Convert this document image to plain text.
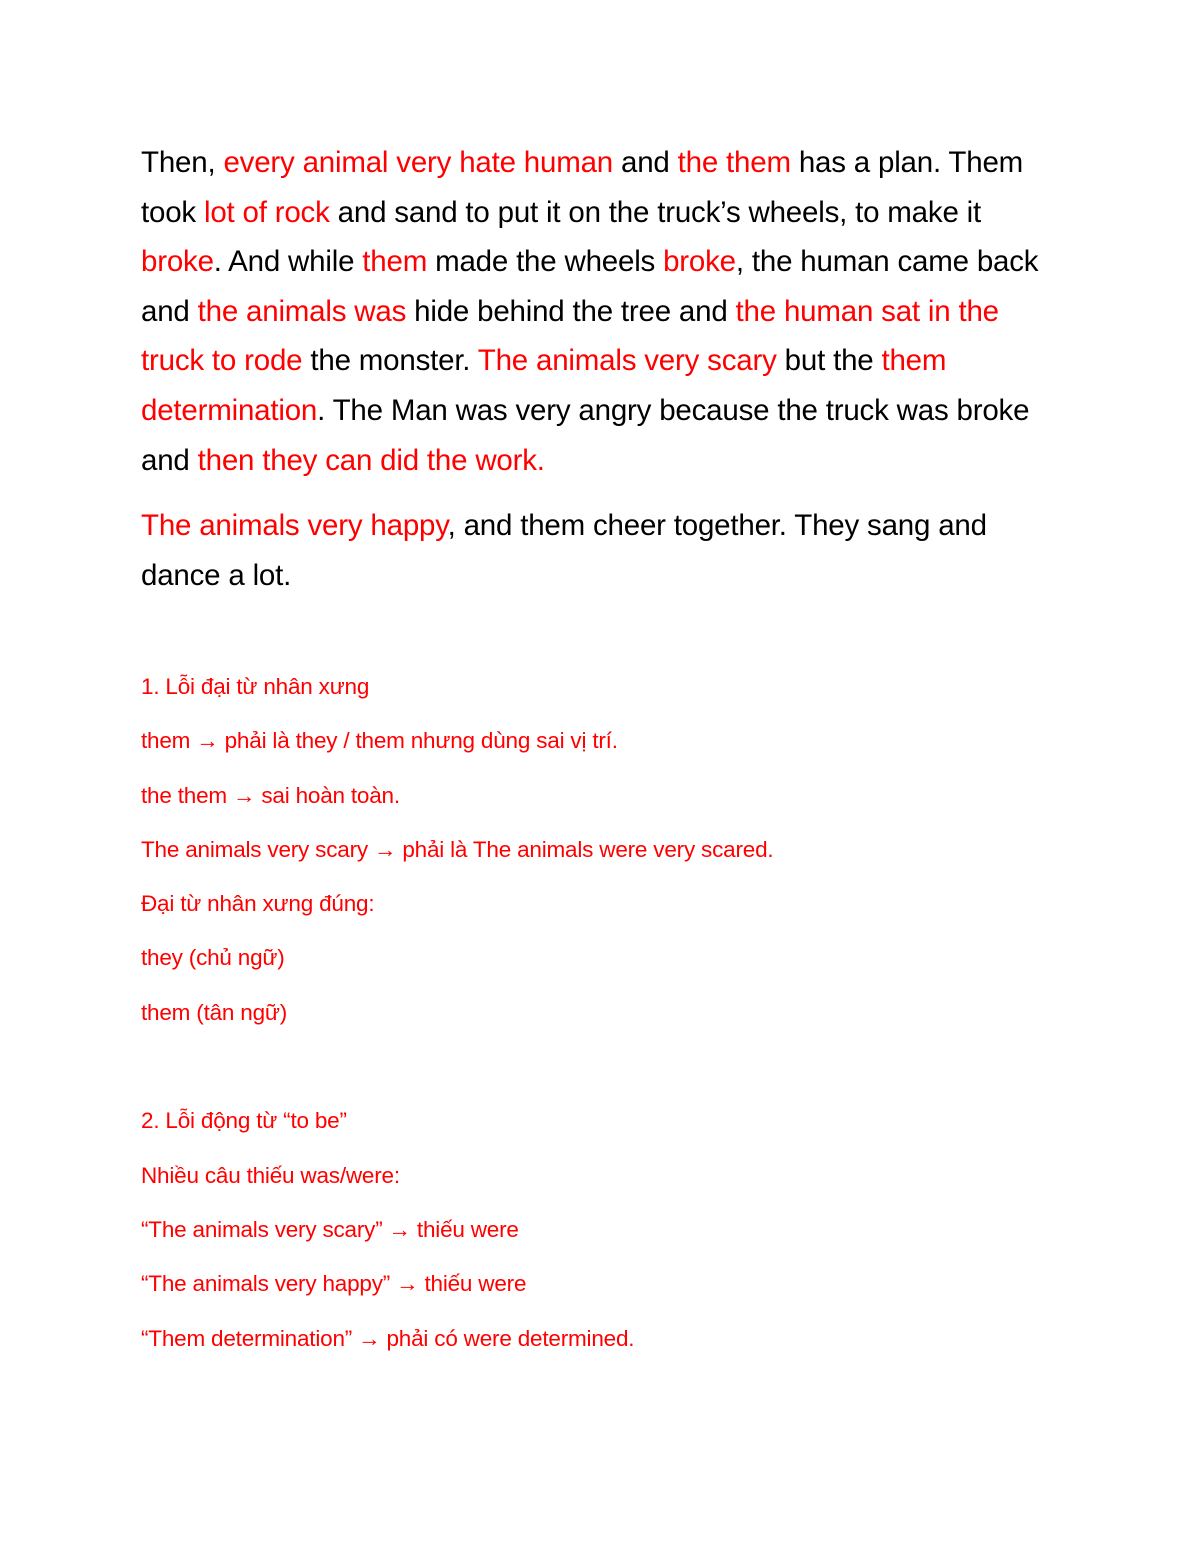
Then, every animal very hate human and the them has a plan. Them took lot of rock and sand to put it on the truck’s wheels, to make it broke. And while them made the wheels broke, the human came back and the animals was hide behind the tree and the human sat in the truck to rode the monster. The animals very scary but the them determination. The Man was very angry because the truck was broke and then they can did the work.

The animals very happy, and them cheer together. They sang and dance a lot.

1. Lỗi đại từ nhân xưng
them → phải là they / them nhưng dùng sai vị trí.
the them → sai hoàn toàn.
The animals very scary → phải là The animals were very scared.
Đại từ nhân xưng đúng:
they (chủ ngữ)
them (tân ngữ)
2. Lỗi động từ “to be”
Nhiều câu thiếu was/were:
“The animals very scary” → thiếu were
“The animals very happy” → thiếu were
“Them determination” → phải có were determined.
